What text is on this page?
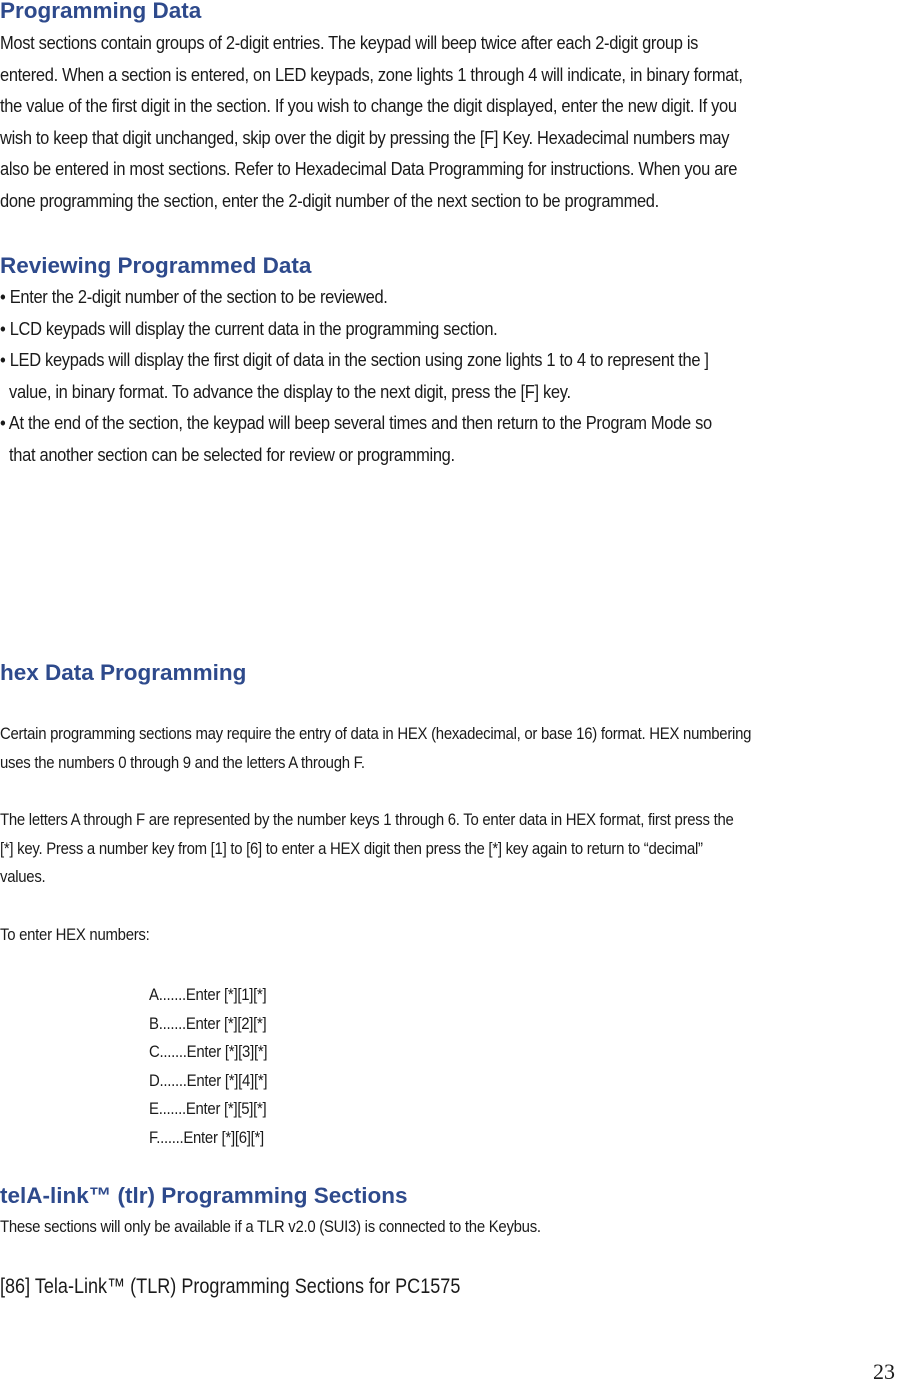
Programming Data

Most sections contain groups of 2-digit entries. The keypad will beep twice after each 2-digit group is

entered. When a section is entered, on LED keypads, zone lights 1 through 4 will indicate, in binary format,

the value of the first digit in the section. If you wish to change the digit displayed, enter the new digit. If you

wish to keep that digit unchanged, skip over the digit by pressing the [F] Key. Hexadecimal numbers may

also be entered in most sections. Refer to Hexadecimal Data Programming for instructions. When you are

done programming the section, enter the 2-digit number of the next section to be programmed.

Reviewing Programmed Data

• Enter the 2-digit number of the section to be reviewed.

• LCD keypads will display the current data in the programming section.

• LED keypads will display the first digit of data in the section using zone lights 1 to 4 to represent the ]

value, in binary format. To advance the display to the next digit, press the [F] key.

• At the end of the section, the keypad will beep several times and then return to the Program Mode so

that another section can be selected for review or programming.

hex Data Programming

Certain programming sections may require the entry of data in HEX (hexadecimal, or base 16) format. HEX numbering

uses the numbers 0 through 9 and the letters A through F.

The letters A through F are represented by the number keys 1 through 6. To enter data in HEX format, first press the

[*] key. Press a number key from [1] to [6] to enter a HEX digit then press the [*] key again to return to “decimal”

values.

To enter HEX numbers:

A.......Enter [*][1][*]
B.......Enter [*][2][*]
C.......Enter [*][3][*]
D.......Enter [*][4][*]
E.......Enter [*][5][*]
F.......Enter [*][6][*]
telA-link™ (tlr) Programming Sections

These sections will only be available if a TLR v2.0 (SUI3) is connected to the Keybus.

[86] Tela-Link™ (TLR) Programming Sections for PC1575
23
